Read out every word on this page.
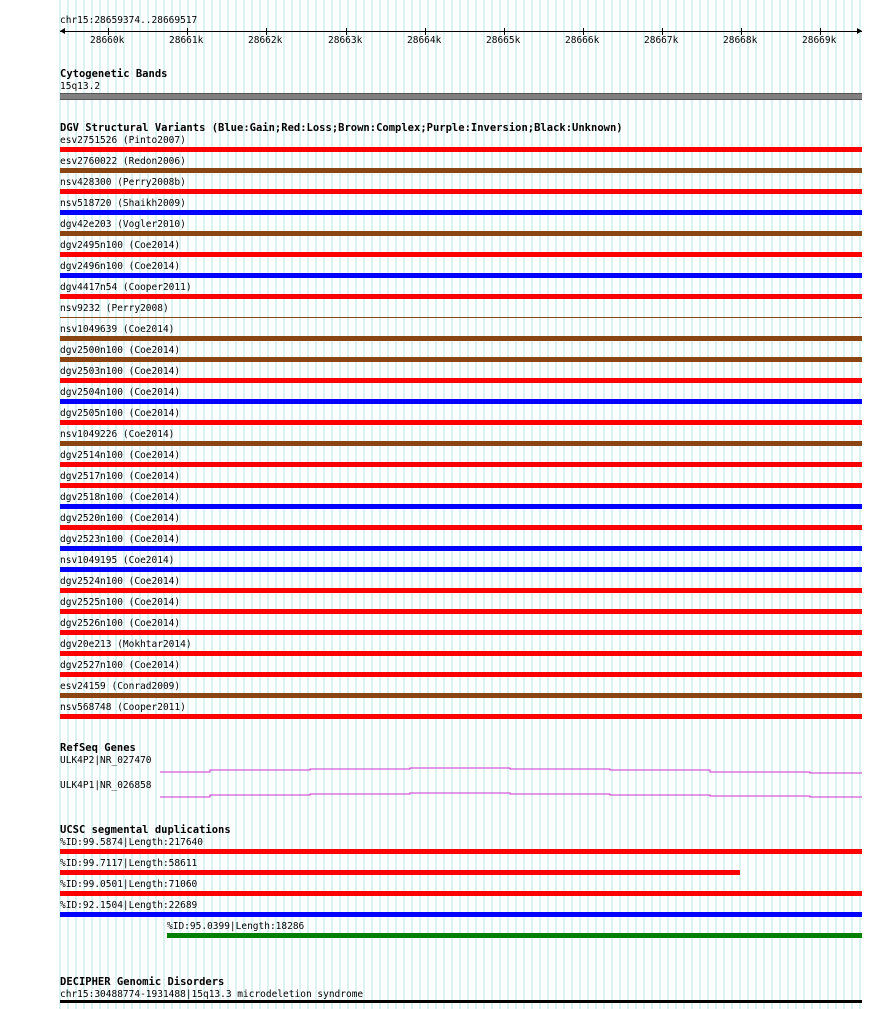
chr15:28659374..28669517
28660k	28661k	28662k	28663k	28664k	28665k	28666k	28667k	28668k	28669k
Cytogenetic Bands
15q13.2
DGV Structural Variants (Blue:Gain;Red:Loss;Brown:Complex;Purple:Inversion;Black:Unknown)
esv2751526 (Pinto2007)
esv2760022 (Redon2006)
nsv428300 (Perry2008b)
nsv518720 (Shaikh2009)
dgv42e203 (Vogler2010)
dgv2495n100 (Coe2014)
dgv2496n100 (Coe2014)
dgv4417n54 (Cooper2011)
nsv9232 (Perry2008)
nsv1049639 (Coe2014)
dgv2500n100 (Coe2014)
dgv2503n100 (Coe2014)
dgv2504n100 (Coe2014)
dgv2505n100 (Coe2014)
nsv1049226 (Coe2014)
dgv2514n100 (Coe2014)
dgv2517n100 (Coe2014)
dgv2518n100 (Coe2014)
dgv2520n100 (Coe2014)
dgv2523n100 (Coe2014)
nsv1049195 (Coe2014)
dgv2524n100 (Coe2014)
dgv2525n100 (Coe2014)
dgv2526n100 (Coe2014)
dgv20e213 (Mokhtar2014)
dgv2527n100 (Coe2014)
esv24159 (Conrad2009)
nsv568748 (Cooper2011)
RefSeq Genes
ULK4P2|NR_027470
ULK4P1|NR_026858
UCSC segmental duplications
%ID:99.5874|Length:217640
%ID:99.7117|Length:58611
%ID:99.0501|Length:71060
%ID:92.1504|Length:22689
%ID:95.0399|Length:18286
DECIPHER Genomic Disorders
chr15:30488774-1931488|15q13.3 microdeletion syndrome
